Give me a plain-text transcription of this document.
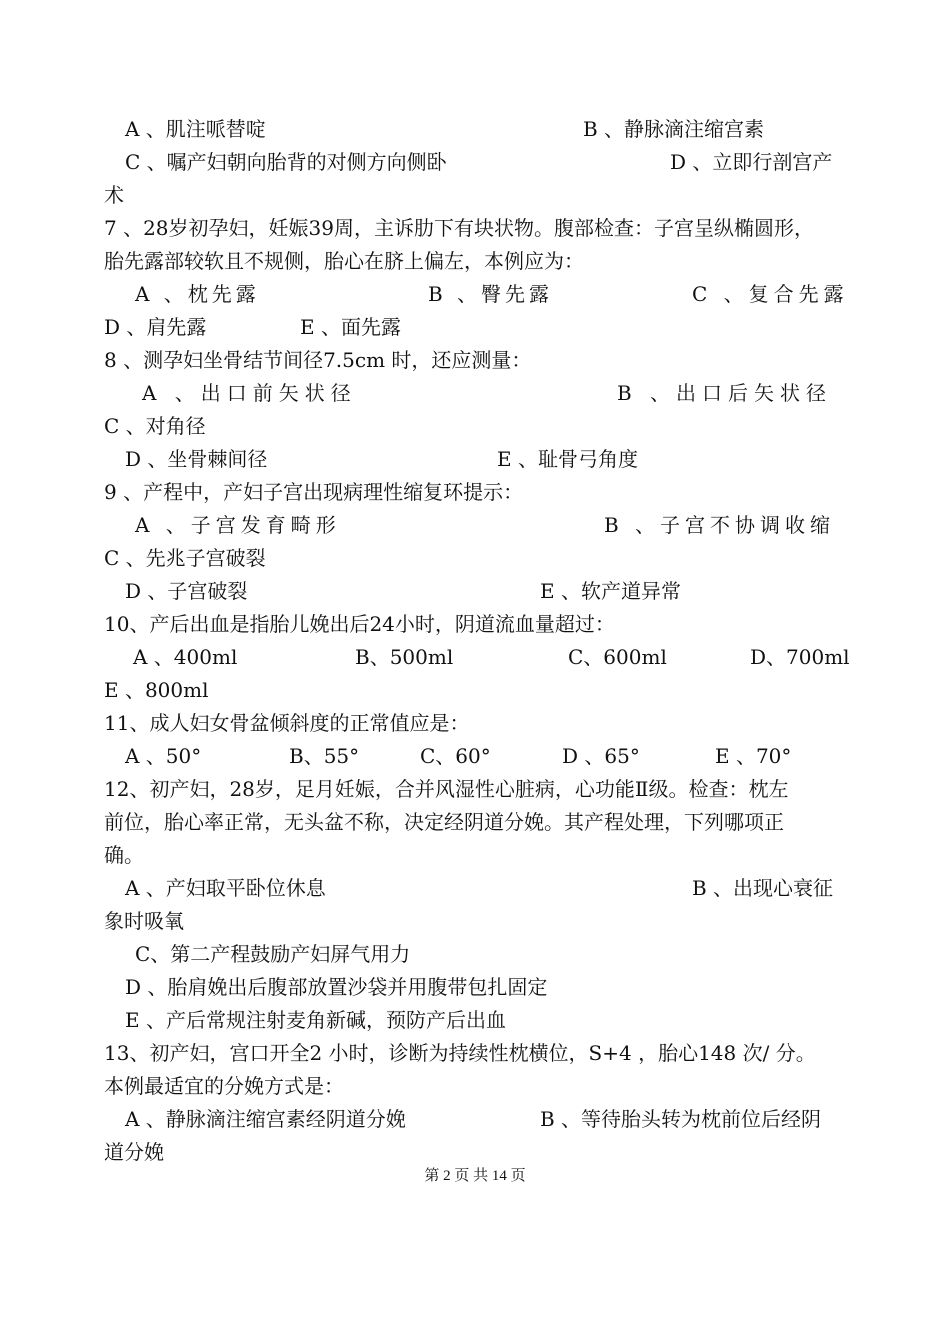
A 、肌注哌替啶	B 、静脉滴注缩宫素
C 、嘱产妇朝向胎背的对侧方向侧卧	D 、立即行剖宫产
术
7 、28岁初孕妇，妊娠39周，主诉肋下有块状物。腹部检查：子宫呈纵椭圆形，
胎先露部较软且不规侧，胎心在脐上偏左，本例应为：
A 、枕先露	B 、臀先露	C 、复合先露
D 、肩先露	E 、面先露
8 、测孕妇坐骨结节间径7.5cm 时，还应测量：
A 、出口前矢状径	B 、出口后矢状径
C 、对角径
D 、坐骨棘间径	E 、耻骨弓角度
9 、产程中，产妇子宫出现病理性缩复环提示：
A 、子宫发育畸形	B 、子宫不协调收缩
C 、先兆子宫破裂
D 、子宫破裂	E 、软产道异常
10、产后出血是指胎儿娩出后24小时，阴道流血量超过：
A 、400ml	B、500ml	C、600ml	D、700ml
E 、800ml
11、成人妇女骨盆倾斜度的正常值应是：
A 、50°	B、55°	C、60°	D 、65°	E 、70°
12、初产妇，28岁，足月妊娠，合并风湿性心脏病，心功能Ⅱ级。检查：枕左
前位，胎心率正常，无头盆不称，决定经阴道分娩。其产程处理，下列哪项正
确。
A 、产妇取平卧位休息	B 、出现心衰征
象时吸氧
C、第二产程鼓励产妇屏气用力
D 、胎肩娩出后腹部放置沙袋并用腹带包扎固定
E 、产后常规注射麦角新碱，预防产后出血
13、初产妇，宫口开全2 小时，诊断为持续性枕横位，S+4 ，胎心148 次/ 分。
本例最适宜的分娩方式是：
A 、静脉滴注缩宫素经阴道分娩	B 、等待胎头转为枕前位后经阴
道分娩
第 2 页 共 14 页
